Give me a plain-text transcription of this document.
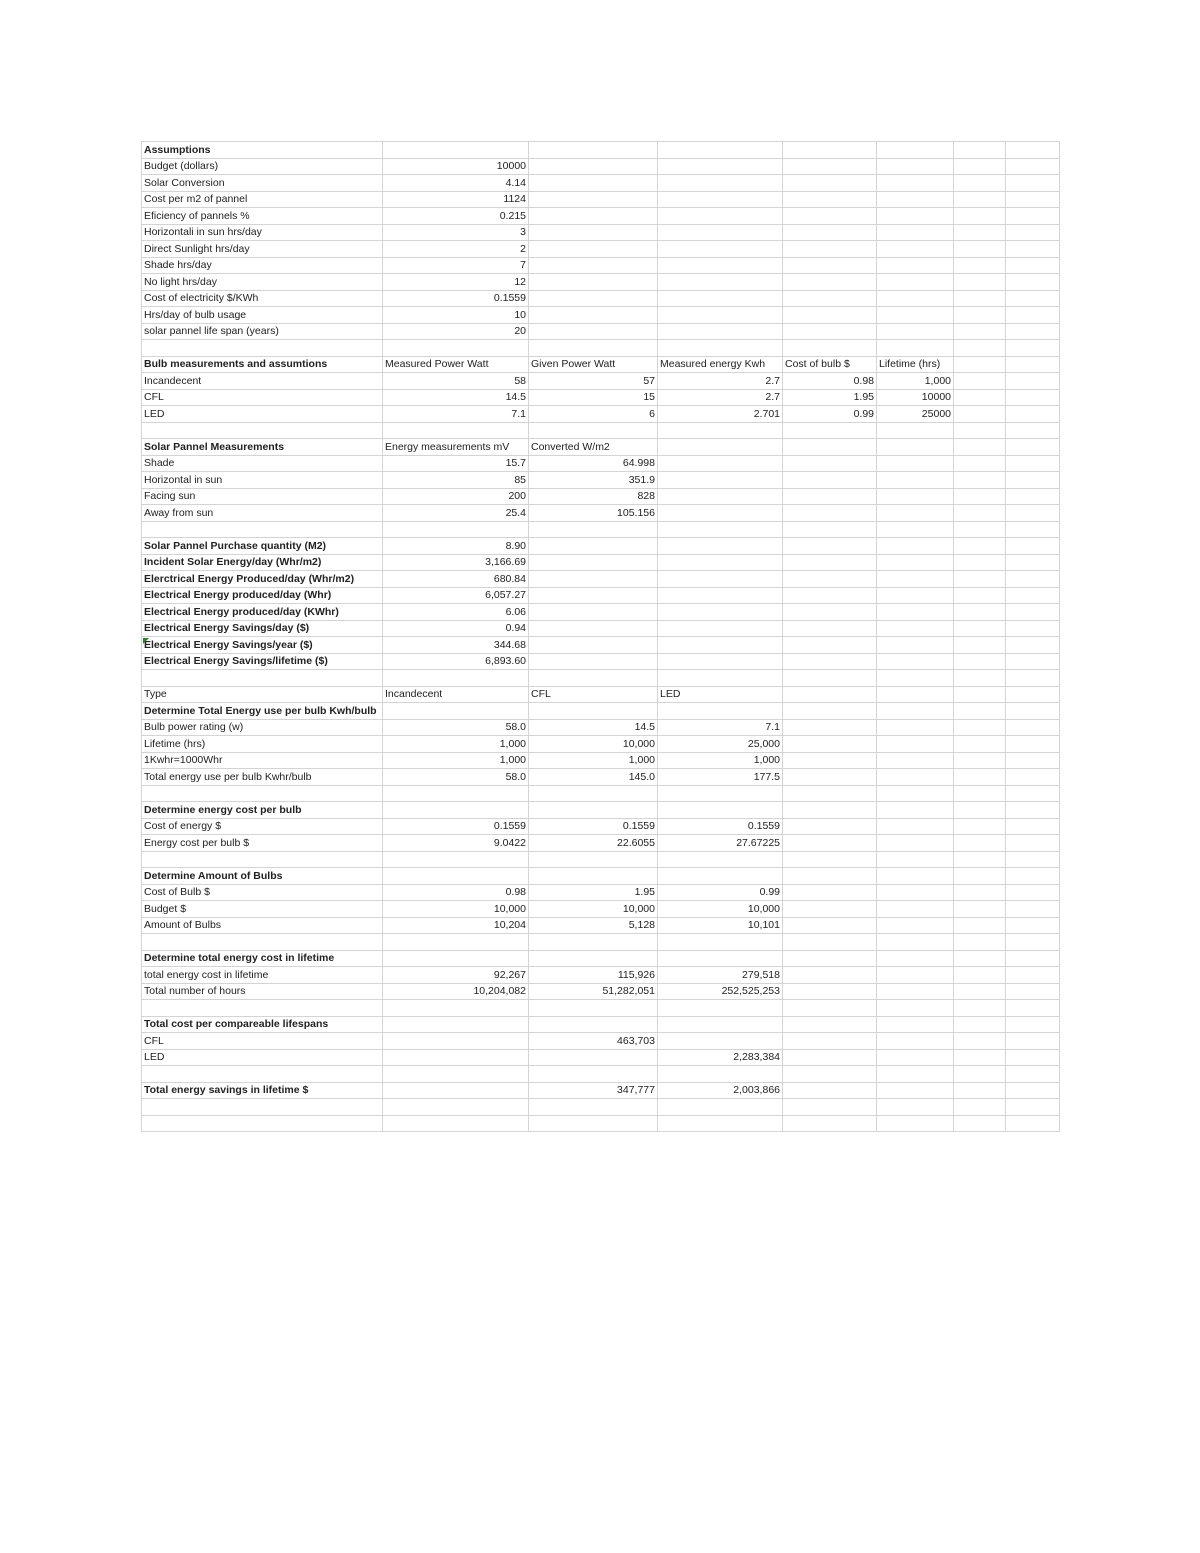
Assumptions							
Budget (dollars)	10000						
Solar Conversion	4.14						
Cost per m2 of pannel	1124						
Eficiency of pannels %	0.215						
Horizontali in sun hrs/day	3						
Direct Sunlight hrs/day	2						
Shade hrs/day	7						
No light hrs/day	12						
Cost of electricity $/KWh	0.1559						
Hrs/day of bulb usage	10						
solar pannel life span (years)	20						

Bulb measurements and assumtions	Measured Power Watt	Given Power Watt	Measured energy Kwh	Cost of bulb $	Lifetime (hrs)		
Incandecent	58	57	2.7	0.98	1,000		
CFL	14.5	15	2.7	1.95	10000		
LED	7.1	6	2.701	0.99	25000		

Solar Pannel Measurements	Energy measurements mV	Converted W/m2					
Shade	15.7	64.998					
Horizontal in sun	85	351.9					
Facing sun	200	828					
Away from sun	25.4	105.156					

Solar Pannel Purchase quantity (M2)	8.90						
Incident Solar Energy/day (Whr/m2)	3,166.69						
Elerctrical Energy Produced/day (Whr/m2)	680.84						
Electrical Energy produced/day (Whr)	6,057.27						
Electrical Energy produced/day (KWhr)	6.06						
Electrical Energy Savings/day ($)	0.94						
Electrical Energy Savings/year ($)	344.68						
Electrical Energy Savings/lifetime ($)	6,893.60						

Type	Incandecent	CFL	LED				
Determine Total Energy use per bulb Kwh/bulb							
Bulb power rating (w)	58.0	14.5	7.1				
Lifetime (hrs)	1,000	10,000	25,000				
1Kwhr=1000Whr	1,000	1,000	1,000				
Total energy use per bulb Kwhr/bulb	58.0	145.0	177.5				

Determine energy cost per bulb							
Cost of energy $	0.1559	0.1559	0.1559				
Energy cost per bulb $	9.0422	22.6055	27.67225				

Determine Amount of Bulbs							
Cost of Bulb $	0.98	1.95	0.99				
Budget $	10,000	10,000	10,000				
Amount of Bulbs	10,204	5,128	10,101				

Determine total energy cost in lifetime							
total energy cost in lifetime	92,267	115,926	279,518				
Total number of hours	10,204,082	51,282,051	252,525,253				

Total cost per compareable lifespans							
CFL		463,703					
LED			2,283,384				

Total energy savings in lifetime $		347,777	2,003,866				
